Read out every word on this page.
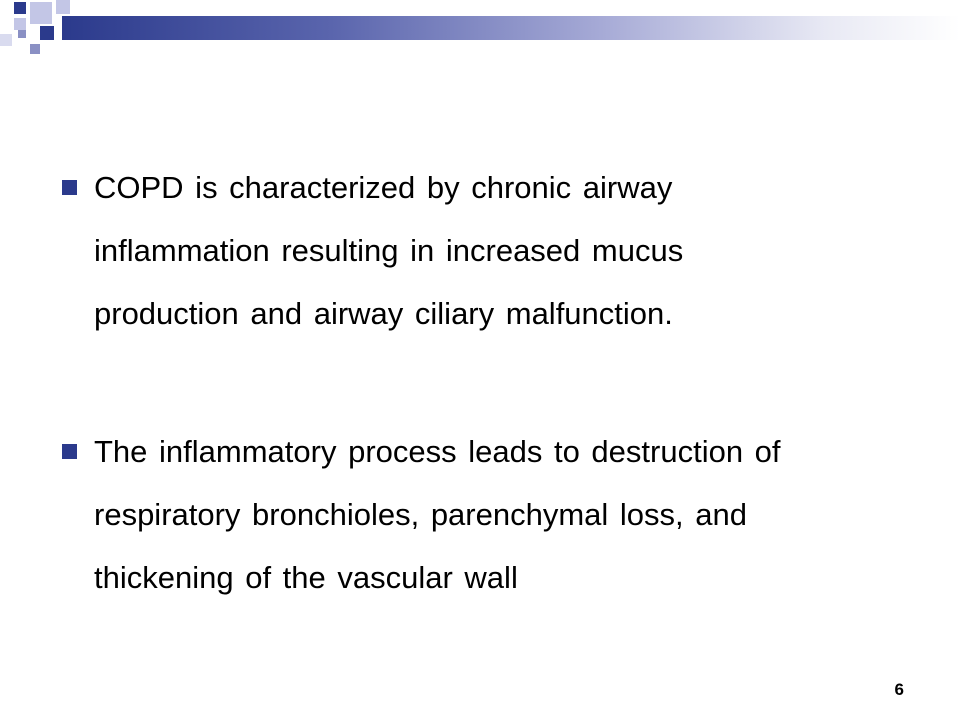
COPD is characterized by chronic airway
inflammation resulting in increased mucus
production and airway ciliary malfunction.
The inflammatory process leads to destruction of
respiratory bronchioles, parenchymal loss, and
thickening of the vascular wall
6
